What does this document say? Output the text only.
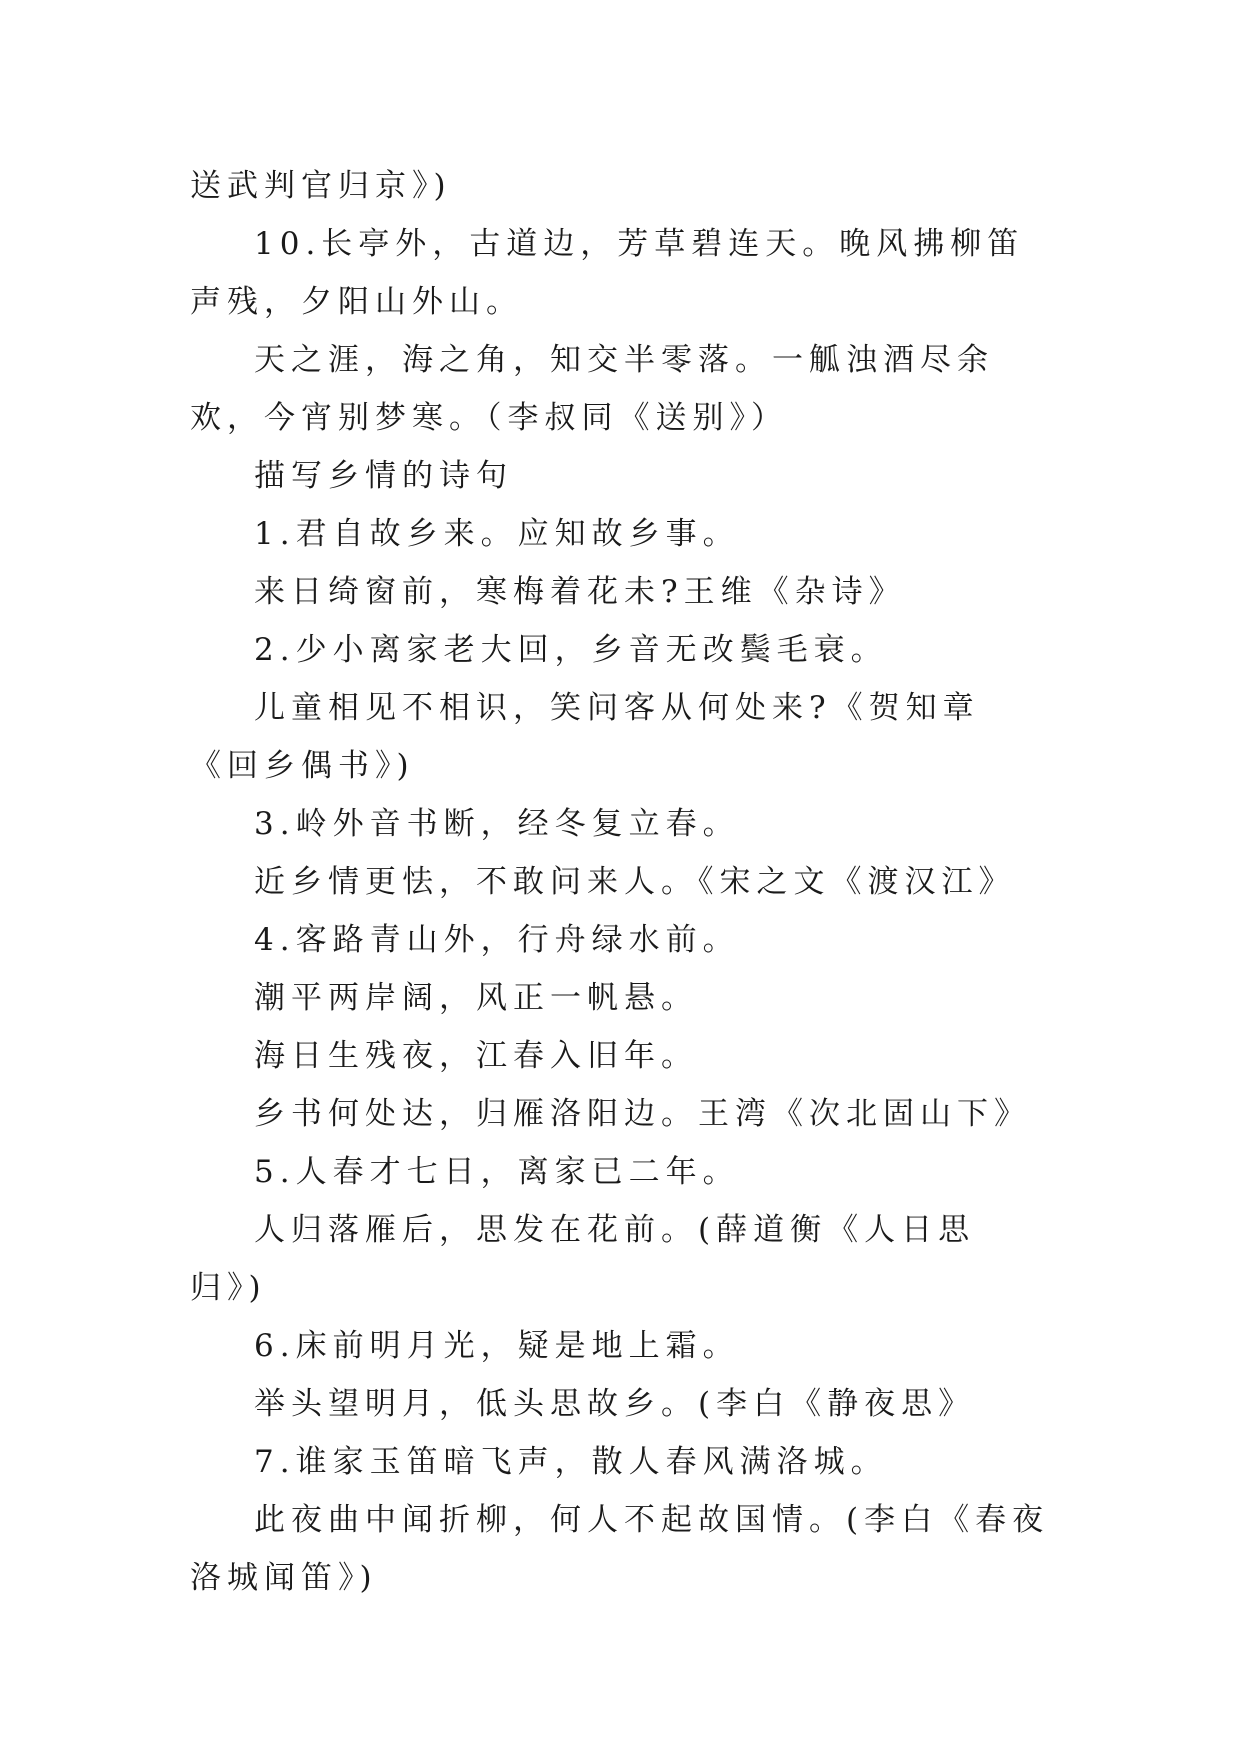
送武判官归京》)

10.长亭外，古道边，芳草碧连天。晚风拂柳笛声残，夕阳山外山。

天之涯，海之角，知交半零落。一觚浊酒尽余欢，今宵别梦寒。（李叔同《送别》）

描写乡情的诗句

1.君自故乡来。应知故乡事。

来日绮窗前，寒梅着花未?王维《杂诗》

2.少小离家老大回，乡音无改鬓毛衰。

儿童相见不相识，笑问客从何处来?《贺知章《回乡偶书》)

3.岭外音书断，经冬复立春。

近乡情更怯，不敢问来人。《宋之文《渡汉江》

4.客路青山外，行舟绿水前。

潮平两岸阔，风正一帆悬。

海日生残夜，江春入旧年。

乡书何处达，归雁洛阳边。王湾《次北固山下》

5.人春才七日，离家已二年。

人归落雁后，思发在花前。(薛道衡《人日思归》)

6.床前明月光，疑是地上霜。

举头望明月，低头思故乡。(李白《静夜思》

7.谁家玉笛暗飞声，散人春风满洛城。

此夜曲中闻折柳，何人不起故国情。(李白《春夜洛城闻笛》)
